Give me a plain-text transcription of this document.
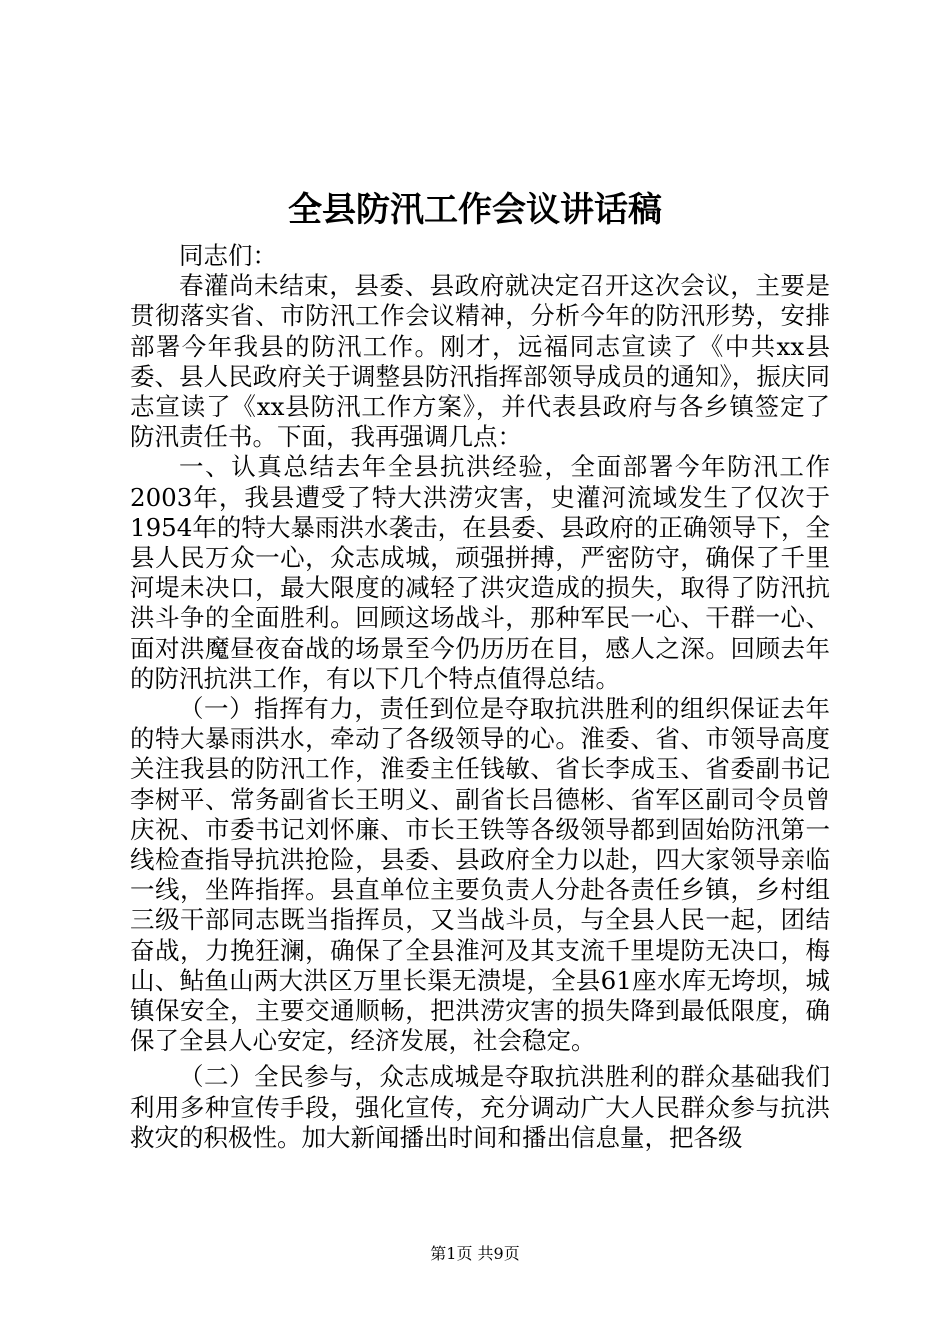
全县防汛工作会议讲话稿

同志们：

春灌尚未结束，县委、县政府就决定召开这次会议，主要是贯彻落实省、市防汛工作会议精神，分析今年的防汛形势，安排部署今年我县的防汛工作。刚才，远福同志宣读了《中共xx县委、县人民政府关于调整县防汛指挥部领导成员的通知》，振庆同志宣读了《xx县防汛工作方案》，并代表县政府与各乡镇签定了防汛责任书。下面，我再强调几点：

一、认真总结去年全县抗洪经验，全面部署今年防汛工作2003年，我县遭受了特大洪涝灾害，史灌河流域发生了仅次于1954年的特大暴雨洪水袭击，在县委、县政府的正确领导下，全县人民万众一心，众志成城，顽强拼搏，严密防守，确保了千里河堤未决口，最大限度的减轻了洪灾造成的损失，取得了防汛抗洪斗争的全面胜利。回顾这场战斗，那种军民一心、干群一心、面对洪魔昼夜奋战的场景至今仍历历在目，感人之深。回顾去年的防汛抗洪工作，有以下几个特点值得总结。

（一）指挥有力，责任到位是夺取抗洪胜利的组织保证去年的特大暴雨洪水，牵动了各级领导的心。淮委、省、市领导高度关注我县的防汛工作，淮委主任钱敏、省长李成玉、省委副书记李树平、常务副省长王明义、副省长吕德彬、省军区副司令员曾庆祝、市委书记刘怀廉、市长王铁等各级领导都到固始防汛第一线检查指导抗洪抢险，县委、县政府全力以赴，四大家领导亲临一线，坐阵指挥。县直单位主要负责人分赴各责任乡镇，乡村组三级干部同志既当指挥员，又当战斗员，与全县人民一起，团结奋战，力挽狂澜，确保了全县淮河及其支流千里堤防无决口，梅山、鲇鱼山两大洪区万里长渠无溃堤，全县61座水库无垮坝，城镇保安全，主要交通顺畅，把洪涝灾害的损失降到最低限度，确保了全县人心安定，经济发展，社会稳定。

（二）全民参与，众志成城是夺取抗洪胜利的群众基础我们利用多种宣传手段，强化宣传，充分调动广大人民群众参与抗洪救灾的积极性。加大新闻播出时间和播出信息量，把各级

第1页 共9页
